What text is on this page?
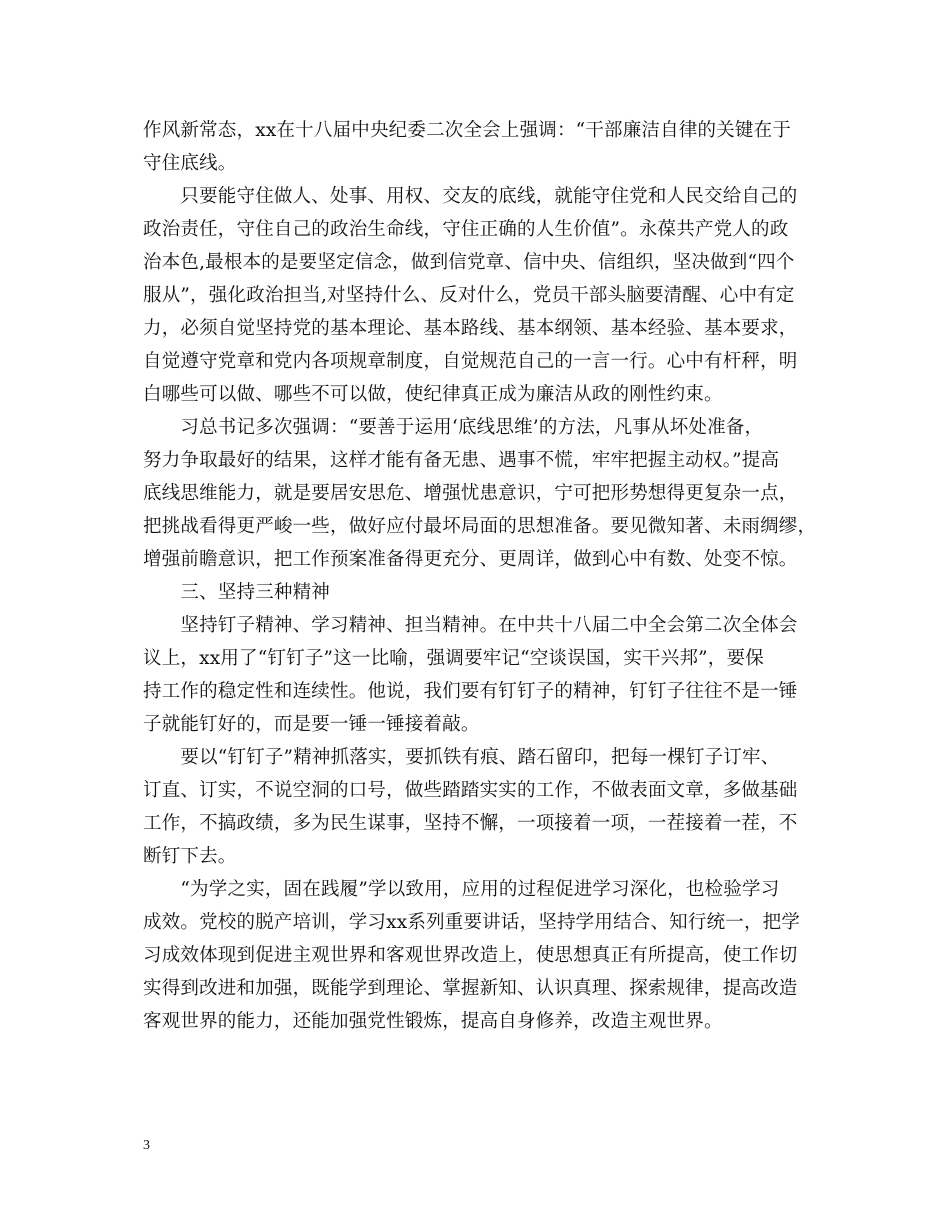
作风新常态，xx在十八届中央纪委二次全会上强调：“干部廉洁自律的关键在于
守住底线。
　　只要能守住做人、处事、用权、交友的底线，就能守住党和人民交给自己的
政治责任，守住自己的政治生命线，守住正确的人生价值”。永葆共产党人的政
治本色,最根本的是要坚定信念，做到信党章、信中央、信组织，坚决做到“四个
服从”，强化政治担当,对坚持什么、反对什么，党员干部头脑要清醒、心中有定
力，必须自觉坚持党的基本理论、基本路线、基本纲领、基本经验、基本要求，
自觉遵守党章和党内各项规章制度，自觉规范自己的一言一行。心中有杆秤，明
白哪些可以做、哪些不可以做，使纪律真正成为廉洁从政的刚性约束。
　　习总书记多次强调：“要善于运用‘底线思维’的方法，凡事从坏处准备，
努力争取最好的结果，这样才能有备无患、遇事不慌，牢牢把握主动权。”提高
底线思维能力，就是要居安思危、增强忧患意识，宁可把形势想得更复杂一点，
把挑战看得更严峻一些，做好应付最坏局面的思想准备。要见微知著、未雨绸缪，
增强前瞻意识，把工作预案准备得更充分、更周详，做到心中有数、处变不惊。
　　三、坚持三种精神
　　坚持钉子精神、学习精神、担当精神。在中共十八届二中全会第二次全体会
议上，xx用了“钉钉子”这一比喻，强调要牢记“空谈误国，实干兴邦”，要保
持工作的稳定性和连续性。他说，我们要有钉钉子的精神，钉钉子往往不是一锤
子就能钉好的，而是要一锤一锤接着敲。
　　要以“钉钉子”精神抓落实，要抓铁有痕、踏石留印，把每一棵钉子订牢、
订直、订实，不说空洞的口号，做些踏踏实实的工作，不做表面文章，多做基础
工作，不搞政绩，多为民生谋事，坚持不懈，一项接着一项，一茬接着一茬，不
断钉下去。
　　“为学之实，固在践履”学以致用，应用的过程促进学习深化，也检验学习
成效。党校的脱产培训，学习xx系列重要讲话，坚持学用结合、知行统一，把学
习成效体现到促进主观世界和客观世界改造上，使思想真正有所提高，使工作切
实得到改进和加强，既能学到理论、掌握新知、认识真理、探索规律，提高改造
客观世界的能力，还能加强党性锻炼，提高自身修养，改造主观世界。
3
